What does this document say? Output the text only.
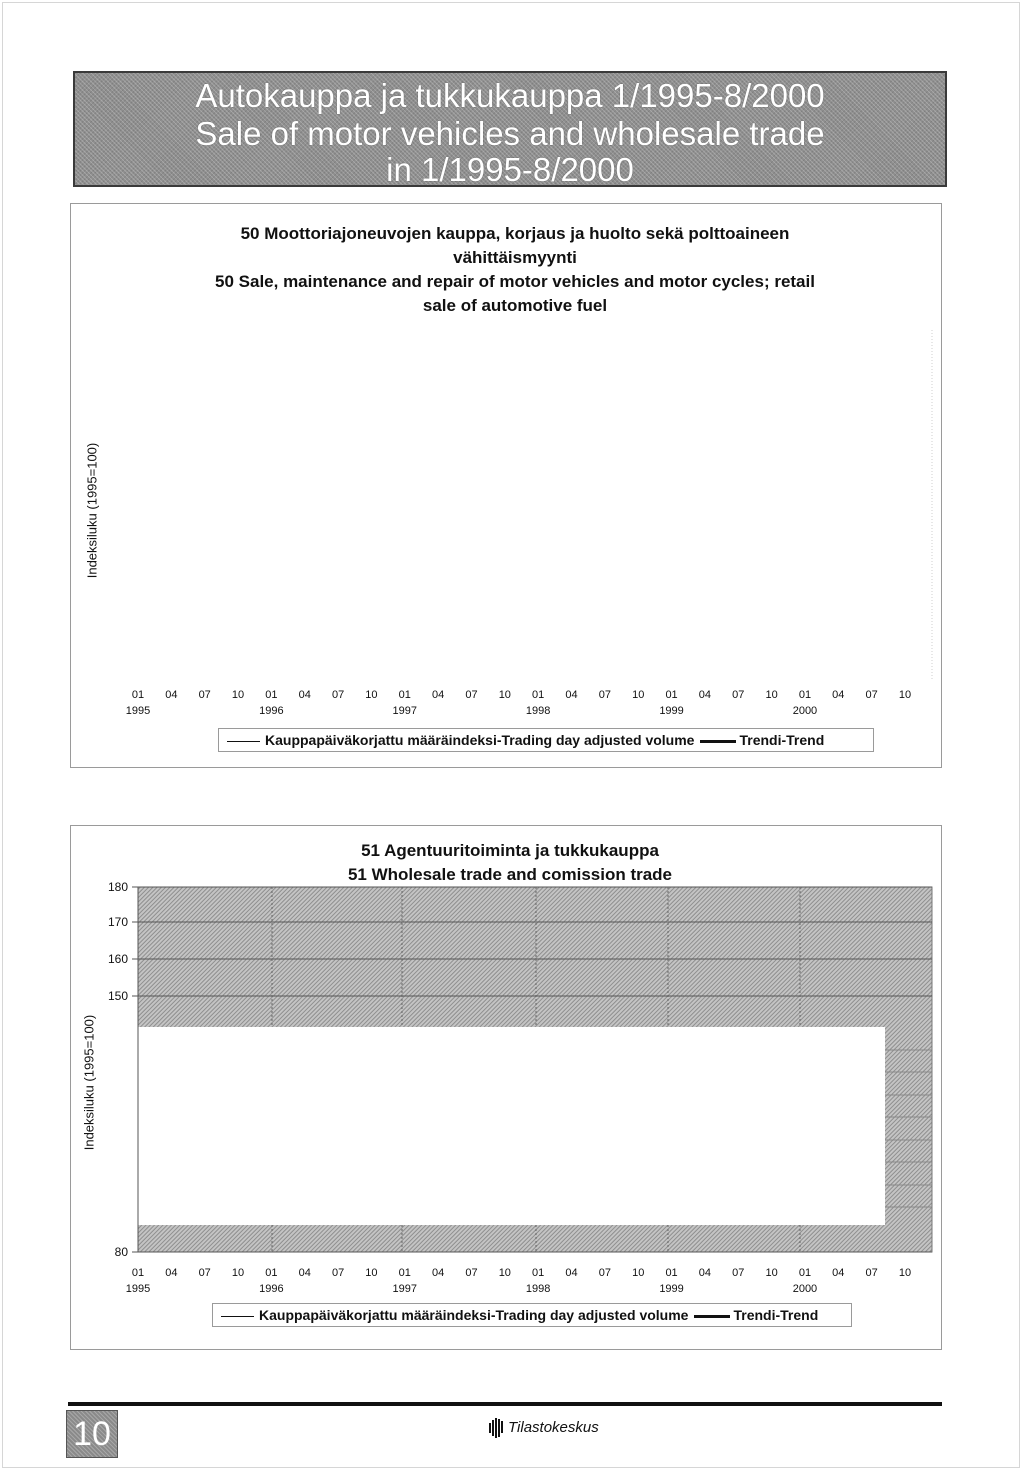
Autokauppa ja tukkukauppa 1/1995-8/2000
Sale of motor vehicles and wholesale trade
in 1/1995-8/2000
50 Moottoriajoneuvojen kauppa, korjaus ja huolto sekä polttoaineen
vähittäismyynti
50 Sale, maintenance and repair of motor vehicles and motor cycles; retail
sale of automotive fuel
Indeksiluku (1995=100)
01 04 07 10 01 04 07 10 01 04 07 10 01 04 07 10 01 04 07 10 01 04 07 10
1995	1996	1997	1998	1999	2000
Kauppapäiväkorjattu määräindeksi-Trading day adjusted volume	Trendi-Trend
51 Agentuuritoiminta ja tukkukauppa
51 Wholesale trade and comission trade
Indeksiluku (1995=100)
180
170
160
150
80
01 04 07 10 01 04 07 10 01 04 07 10 01 04 07 10 01 04 07 10 01 04 07 10
1995	1996	1997	1998	1999	2000
Kauppapäiväkorjattu määräindeksi-Trading day adjusted volume	Trendi-Trend
10	Tilastokeskus
